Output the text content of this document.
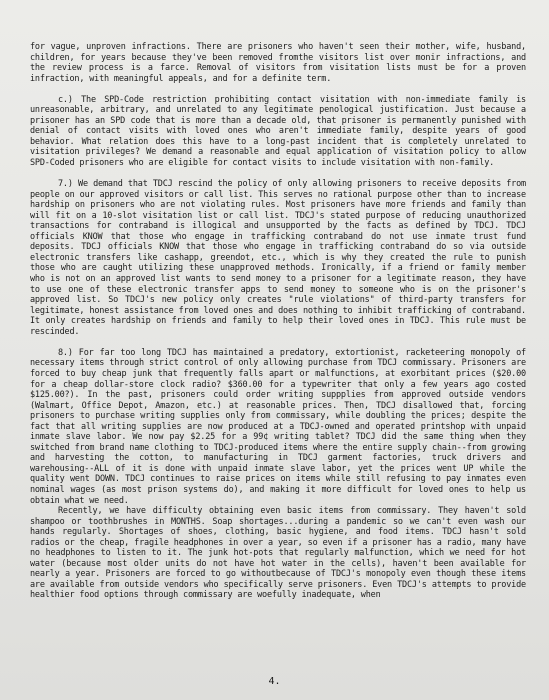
for vague, unproven infractions. There are prisoners who haven't seen their mother, wife, husband, children, for years because they've been removed fromthe visitors list over monir infractions, and the review process is a farce. Removal of visitors from visitation lists must be for a proven infraction, with meaningful appeals, and for a definite term.

c.) The SPD-Code restriction prohibiting contact visitation with non-immediate family is unreasonable, arbitrary, and unrelated to any legitimate penological justification. Just because a prisoner has an SPD code that is more than a decade old, that prisoner is permanently punished with denial of contact visits with loved ones who aren't immediate family, despite years of good behavior. What relation does this have to a long-past incident that is completely unrelated to visitation privileges? We demand a reasonable and equal application of visitation policy to allow SPD-Coded prisoners who are eligible for contact visits to include visitation with non-family.

7.) We demand that TDCJ rescind the policy of only allowing prisoners to receive deposits from people on our approved visitors or call list. This serves no rational purpose other than to increase hardship on prisoners who are not violating rules. Most prisoners have more friends and family than will fit on a 10-slot visitation list or call list. TDCJ's stated purpose of reducing unauthorized transactions for contraband is illogical and unsupported by the facts as defined by TDCJ. TDCJ officials KNOW that those who engage in trafficking contraband do not use inmate trust fund deposits. TDCJ officials KNOW that those who engage in trafficking contraband do so via outside electronic transfers like cashapp, greendot, etc., which is why they created the rule to punish those who are caught utilizing these unapproved methods. Ironically, if a friend or family member who is not on an approved list wants to send money to a prisoner for a legitimate reason, they have to use one of these electronic transfer apps to send money to someone who is on the prisoner's approved list. So TDCJ's new policy only creates "rule violations" of third-party transfers for legitimate, honest assistance from loved ones and does nothing to inhibit trafficking of contraband. It only creates hardship on friends and family to help their loved ones in TDCJ. This rule must be rescinded.

8.) For far too long TDCJ has maintained a predatory, extortionist, racketeering monopoly of necessary items through strict control of only allowing purchase from TDCJ commissary. Prisoners are forced to buy cheap junk that frequently falls apart or malfunctions, at exorbitant prices ($20.00 for a cheap dollar-store clock radio? $360.00 for a typewriter that only a few years ago costed $125.00?). In the past, prisoners could order writing suppplies from approved outside vendors (Walmart, Office Depot, Amazon, etc.) at reasonable prices. Then, TDCJ disallowed that, forcing prisoners to purchase writing supplies only from commissary, while doubling the prices; despite the fact that all writing supplies are now produced at a TDCJ-owned and operated printshop with unpaid inmate slave labor. We now pay $2.25 for a 99¢ writing tablet? TDCJ did the same thing when they switched from brand name clothing to TDCJ-produced items where the entire supply chain--from growing and harvesting the cotton, to manufacturing in TDCJ garment factories, truck drivers and warehousing--ALL of it is done with unpaid inmate slave labor, yet the prices went UP while the quality went DOWN. TDCJ continues to raise prices on items while still refusing to pay inmates even nominal wages (as most prison systems do), and making it more difficult for loved ones to help us obtain what we need.

Recently, we have difficulty obtaining even basic items from commissary. They haven't sold shampoo or toothbrushes in MONTHS. Soap shortages...during a pandemic so we can't even wash our hands regularly. Shortages of shoes, clothing, basic hygiene, and food items. TDCJ hasn't sold radios or the cheap, fragile headphones in over a year, so even if a prisoner has a radio, many have no headphones to listen to it. The junk hot-pots that regularly malfunction, which we need for hot water (because most older units do not have hot water in the cells), haven't been available for nearly a year. Prisoners are forced to go withoutbecause of TDCJ's monopoly even though these items are available from outside vendors who specifically serve prisoners. Even TDCJ's attempts to provide healthier food options through commissary are woefully inadequate, when

4.
